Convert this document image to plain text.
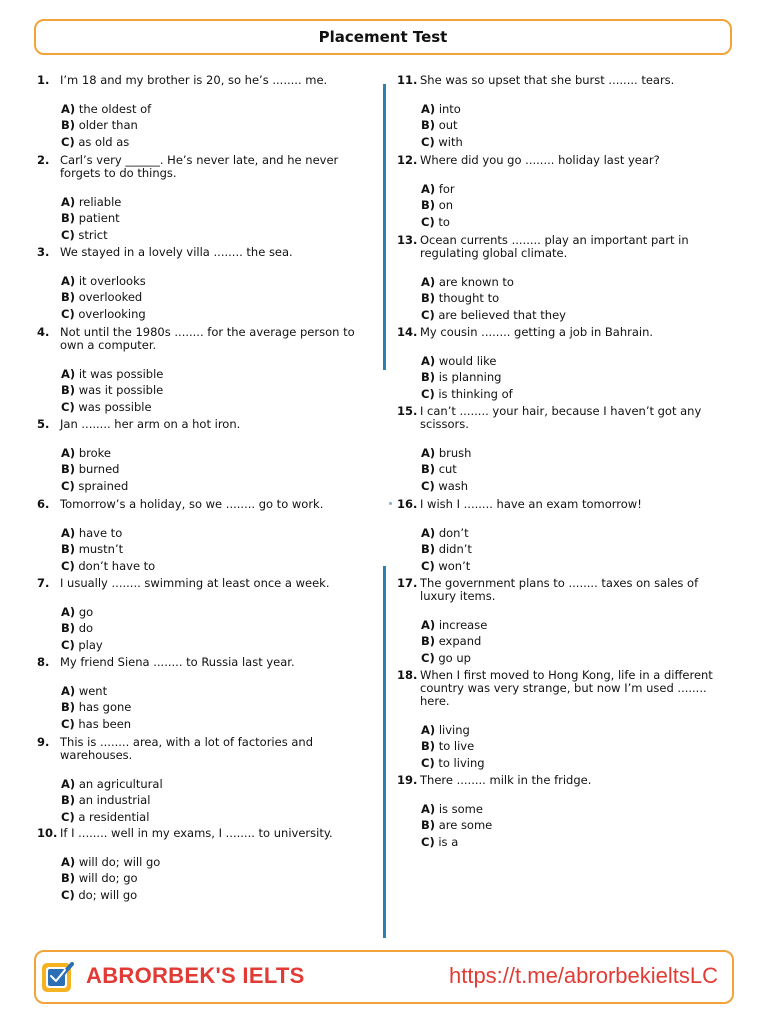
Placement Test
1. I’m 18 and my brother is 20, so he’s ........ me.
A) the oldest of
B) older than
C) as old as
2. Carl’s very ______. He’s never late, and he never forgets to do things.
A) reliable
B) patient
C) strict
3. We stayed in a lovely villa ........ the sea.
A) it overlooks
B) overlooked
C) overlooking
4. Not until the 1980s ........ for the average person to own a computer.
A) it was possible
B) was it possible
C) was possible
5. Jan ........ her arm on a hot iron.
A) broke
B) burned
C) sprained
6. Tomorrow’s a holiday, so we ........ go to work.
A) have to
B) mustn’t
C) don’t have to
7. I usually ........ swimming at least once a week.
A) go
B) do
C) play
8. My friend Siena ........ to Russia last year.
A) went
B) has gone
C) has been
9. This is ........ area, with a lot of factories and warehouses.
A) an agricultural
B) an industrial
C) a residential
10. If I ........ well in my exams, I ........ to university.
A) will do; will go
B) will do; go
C) do; will go
11. She was so upset that she burst ........ tears.
A) into
B) out
C) with
12. Where did you go ........ holiday last year?
A) for
B) on
C) to
13. Ocean currents ........ play an important part in regulating global climate.
A) are known to
B) thought to
C) are believed that they
14. My cousin ........ getting a job in Bahrain.
A) would like
B) is planning
C) is thinking of
15. I can’t ........ your hair, because I haven’t got any scissors.
A) brush
B) cut
C) wash
16. I wish I ........ have an exam tomorrow!
A) don’t
B) didn’t
C) won’t
17. The government plans to ........ taxes on sales of luxury items.
A) increase
B) expand
C) go up
18. When I first moved to Hong Kong, life in a different country was very strange, but now I’m used ........ here.
A) living
B) to live
C) to living
19. There ........ milk in the fridge.
A) is some
B) are some
C) is a
ABRORBEK'S IELTS	https://t.me/abrorbekieltsLC
